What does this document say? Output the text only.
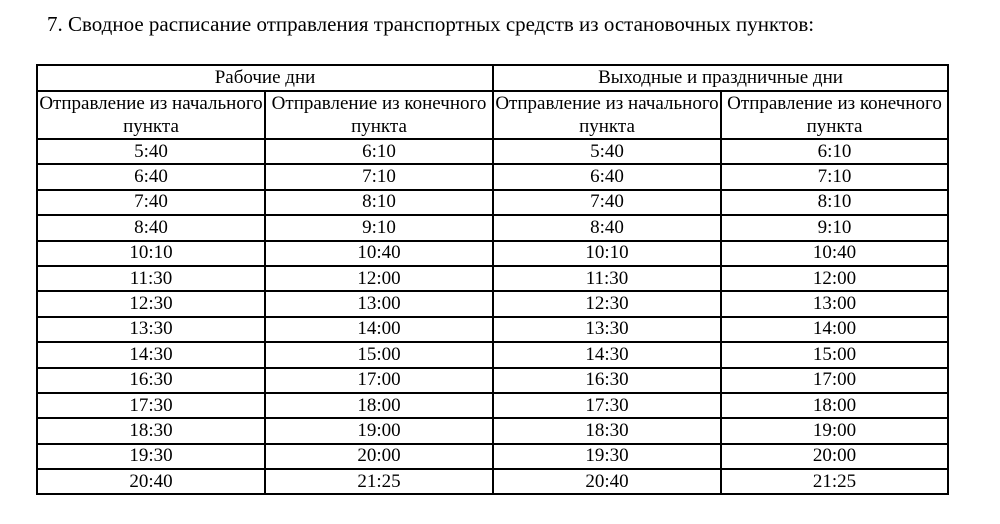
7. Сводное расписание отправления транспортных средств из остановочных пунктов:
Рабочие дни		Выходные и праздничные дни	
Отправление из начального пункта	Отправление из конечного пункта	Отправление из начального пункта	Отправление из конечного пункта
5:40	6:10	5:40	6:10
6:40	7:10	6:40	7:10
7:40	8:10	7:40	8:10
8:40	9:10	8:40	9:10
10:10	10:40	10:10	10:40
11:30	12:00	11:30	12:00
12:30	13:00	12:30	13:00
13:30	14:00	13:30	14:00
14:30	15:00	14:30	15:00
16:30	17:00	16:30	17:00
17:30	18:00	17:30	18:00
18:30	19:00	18:30	19:00
19:30	20:00	19:30	20:00
20:40	21:25	20:40	21:25
